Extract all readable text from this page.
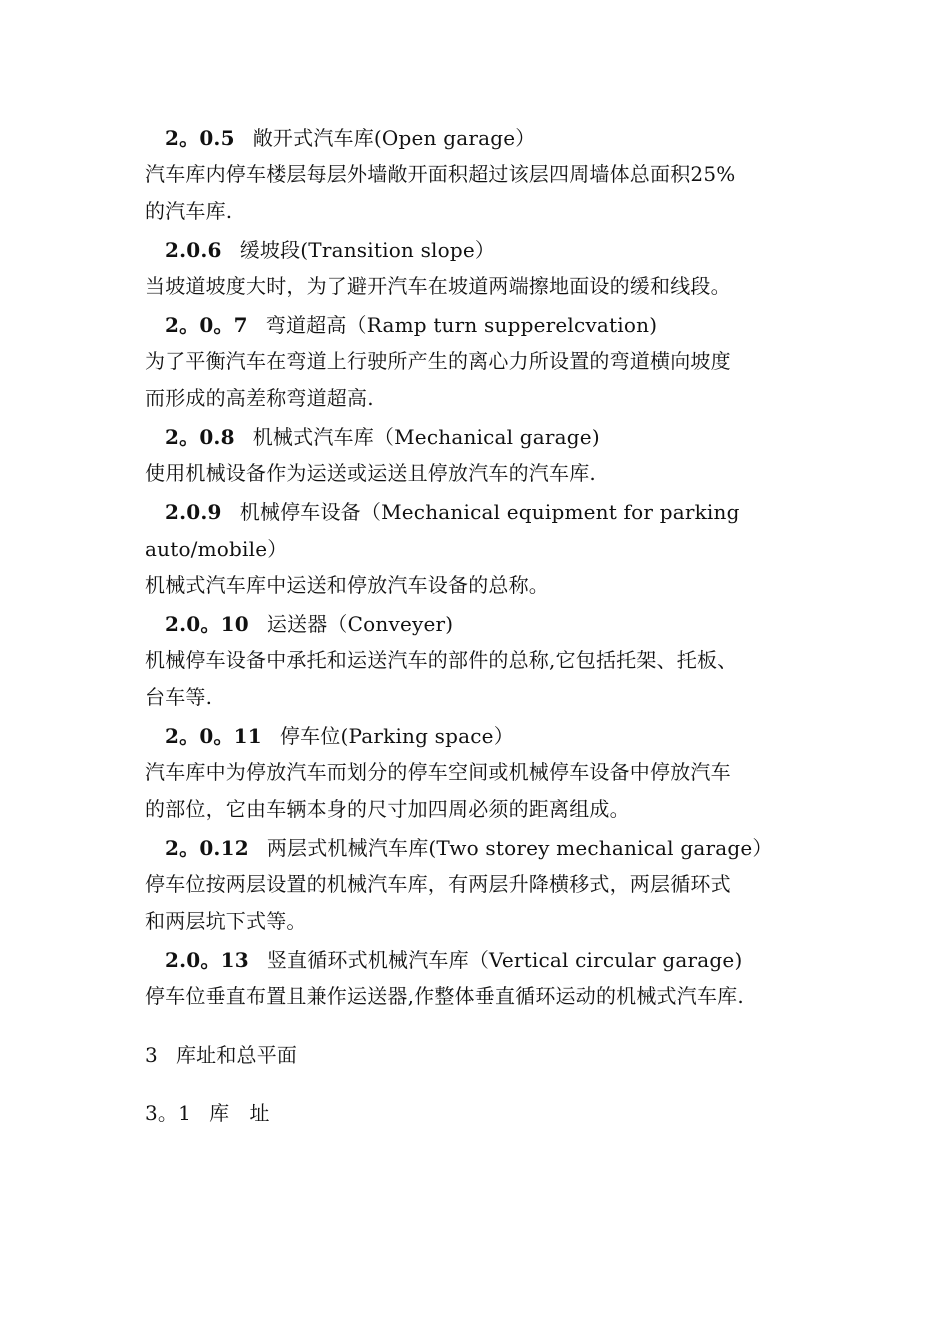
2。0.5 敞开式汽车库(Open garage）
汽车库内停车楼层每层外墙敞开面积超过该层四周墙体总面积25%
的汽车库.
2.0.6 缓坡段(Transition slope）
当坡道坡度大时，为了避开汽车在坡道两端擦地面设的缓和线段。
2。0。7 弯道超高（Ramp turn supperelcvation)
为了平衡汽车在弯道上行驶所产生的离心力所设置的弯道横向坡度
而形成的高差称弯道超高.
2。0.8 机械式汽车库（Mechanical garage)
使用机械设备作为运送或运送且停放汽车的汽车库.
2.0.9 机械停车设备（Mechanical equipment for parking
auto/mobile）
机械式汽车库中运送和停放汽车设备的总称。
2.0。10 运送器（Conveyer)
机械停车设备中承托和运送汽车的部件的总称,它包括托架、托板、
台车等.
2。0。11 停车位(Parking space）
汽车库中为停放汽车而划分的停车空间或机械停车设备中停放汽车
的部位，它由车辆本身的尺寸加四周必须的距离组成。
2。0.12 两层式机械汽车库(Two storey mechanical garage）
停车位按两层设置的机械汽车库，有两层升降横移式，两层循环式
和两层坑下式等。
2.0。13 竖直循环式机械汽车库（Vertical circular garage)
停车位垂直布置且兼作运送器,作整体垂直循环运动的机械式汽车库.
3 库址和总平面
3。1 库　址
